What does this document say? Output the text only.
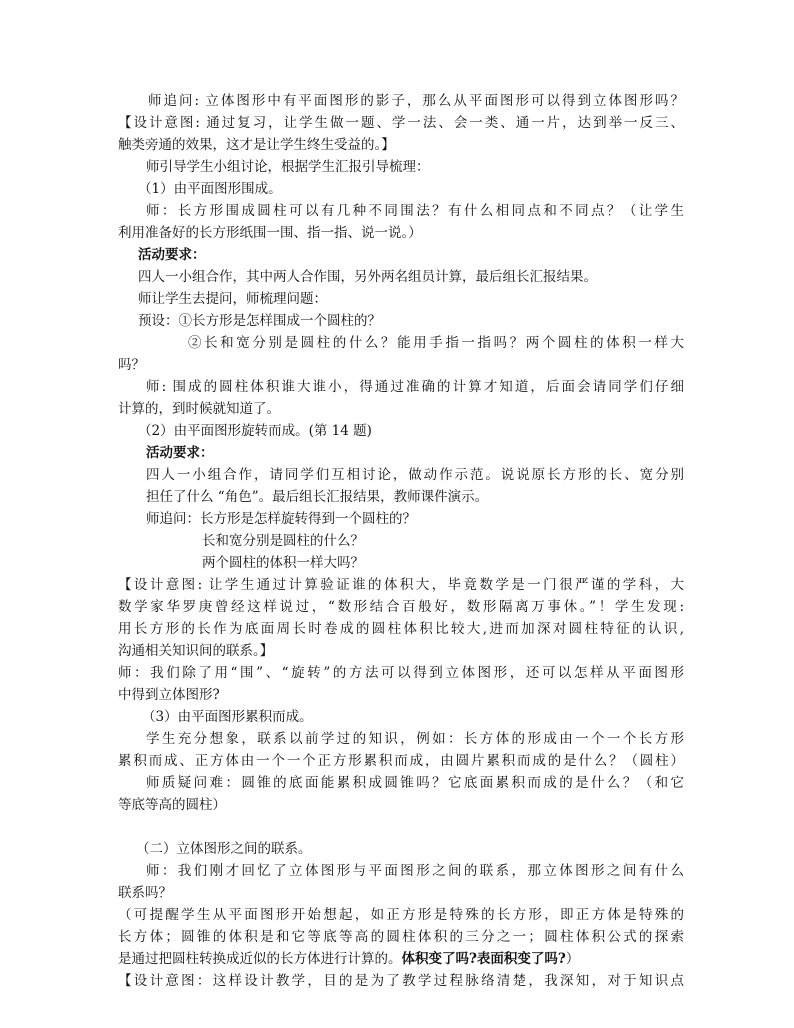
师追问: 立体图形中有平面图形的影子，那么从平面图形可以得到立体图形吗？
【设计意图: 通过复习，让学生做一题、学一法、会一类、通一片，达到举一反三、
触类旁通的效果，这才是让学生终生受益的。】
师引导学生小组讨论，根据学生汇报引导梳理：
（1）由平面图形围成。
师：长方形围成圆柱可以有几种不同围法？有什么相同点和不同点？（让学生
利用准备好的长方形纸围一围、指一指、说一说。）
活动要求：
四人一小组合作，其中两人合作围，另外两名组员计算，最后组长汇报结果。
师让学生去提问，师梳理问题：
预设：①长方形是怎样围成一个圆柱的？
②长和宽分别是圆柱的什么？能用手指一指吗？两个圆柱的体积一样大
吗？
师: 围成的圆柱体积谁大谁小，得通过准确的计算才知道，后面会请同学们仔细
计算的，到时候就知道了。
（2）由平面图形旋转而成。(第 14 题)
活动要求：
四人一小组合作，请同学们互相讨论，做动作示范。说说原长方形的长、宽分别
担任了什么 “角色”。最后组长汇报结果，教师课件演示。
师追问：长方形是怎样旋转得到一个圆柱的？
长和宽分别是圆柱的什么？
两个圆柱的体积一样大吗？
【设计意图: 让学生通过计算验证谁的体积大，毕竟数学是一门很严谨的学科，大
数学家华罗庚曾经这样说过，“数形结合百般好，数形隔离万事休。”！学生发现:
用长方形的长作为底面周长时卷成的圆柱体积比较大,进而加深对圆柱特征的认识,
沟通相关知识间的联系。】
师：我们除了用“围”、“旋转”的方法可以得到立体图形，还可以怎样从平面图形
中得到立体图形?
（3）由平面图形累积而成。
学生充分想象，联系以前学过的知识，例如：长方体的形成由一个一个长方形
累积而成、正方体由一个一个正方形累积而成，由圆片累积而成的是什么？（圆柱）
师质疑问难：圆锥的底面能累积成圆锥吗？它底面累积而成的是什么？（和它
等底等高的圆柱）
（二）立体图形之间的联系。
师：我们刚才回忆了立体图形与平面图形之间的联系，那立体图形之间有什么
联系吗？
（可提醒学生从平面图形开始想起，如正方形是特殊的长方形，即正方体是特殊的
长方体；圆锥的体积是和它等底等高的圆柱体积的三分之一；圆柱体积公式的探索
是通过把圆柱转换成近似的长方体进行计算的。体积变了吗?表面积变了吗?）
【设计意图：这样设计教学，目的是为了教学过程脉络清楚，我深知，对于知识点
